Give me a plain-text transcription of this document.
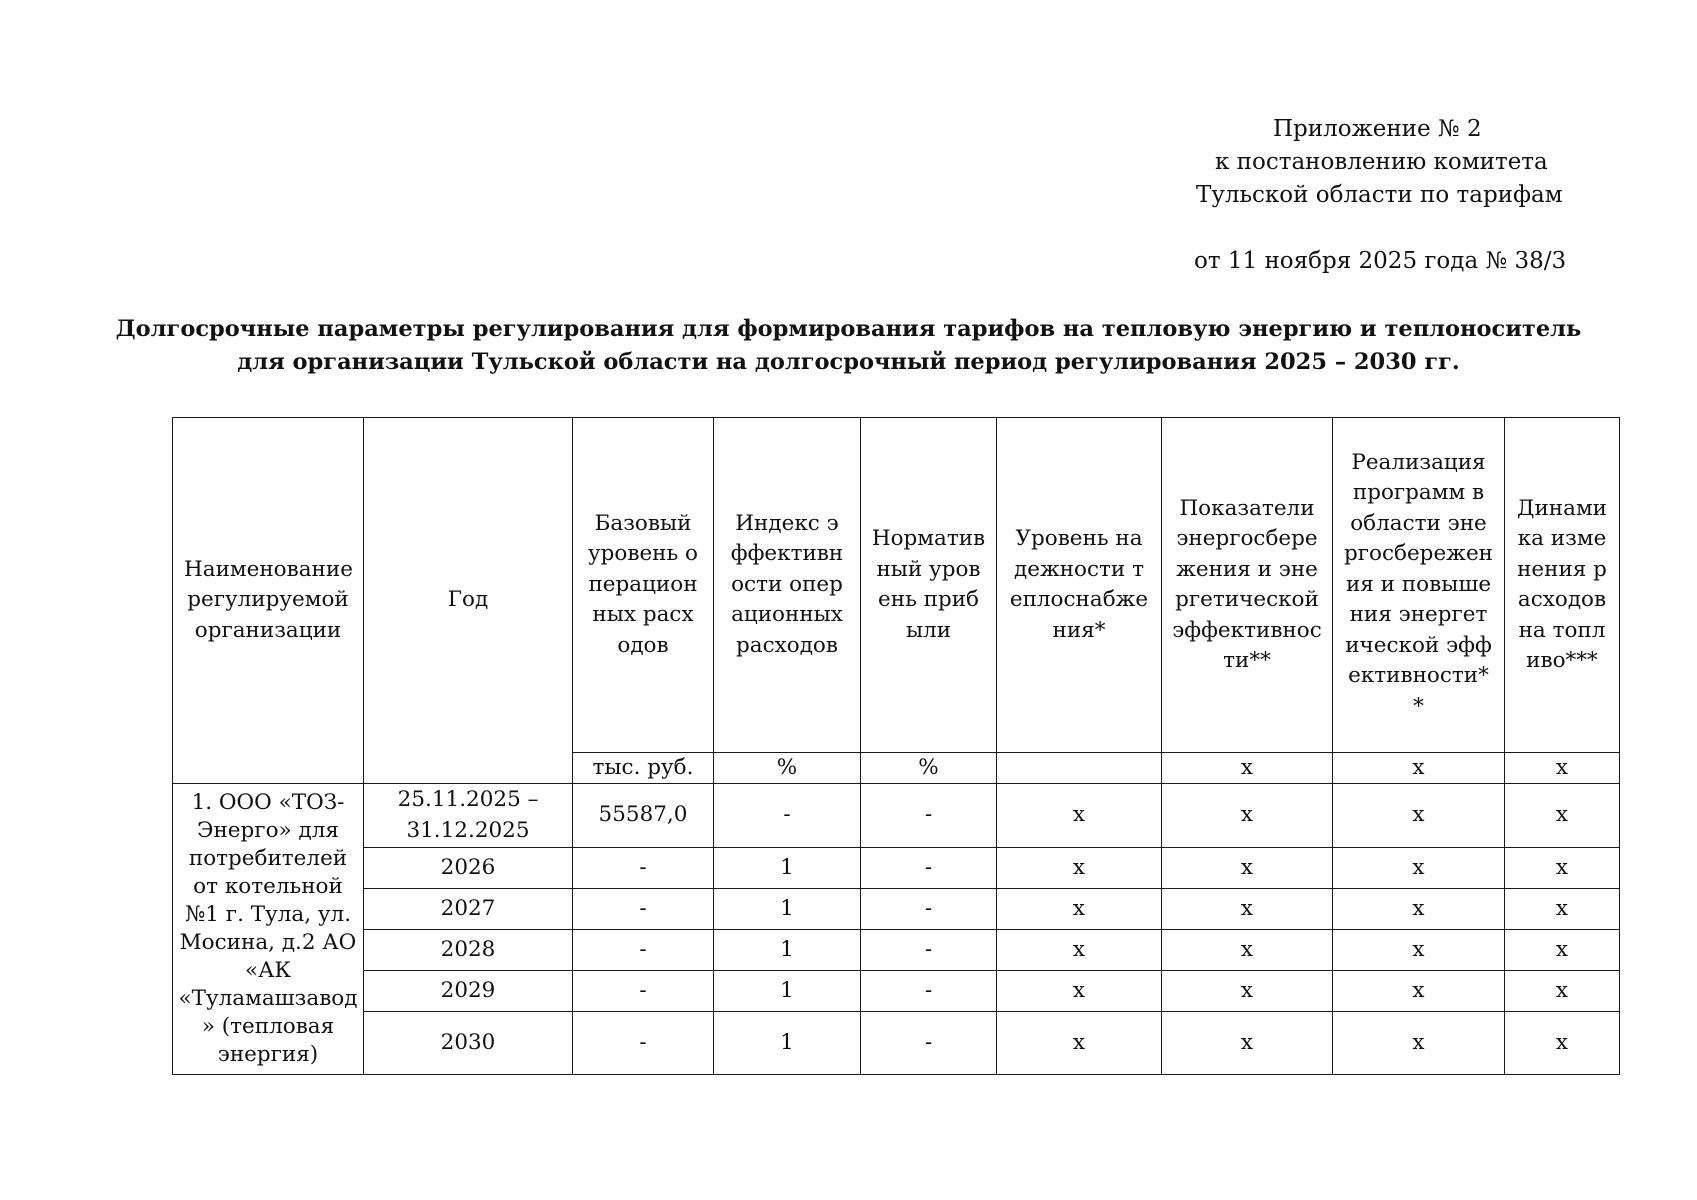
Приложение № 2
к постановлению комитета
Тульской области по тарифам
от 11 ноября 2025 года № 38/3
Долгосрочные параметры регулирования для формирования тарифов на тепловую энергию и теплоноситель
для организации Тульской области на долгосрочный период регулирования 2025 – 2030 гг.
Наименование регулируемой организации	Год	Базовый уровень операционных расходов	Индекс эффективности операционных расходов	Нормативный уровень прибыли	Уровень надежности теплоснабжения*	Показатели энергосбережения и энергетической эффективности**	Реализация программ в области энергосбережения и повышения энергетической эффективности**	Динамика изменения расходов на топливо***

		тыс. руб.	%	%		х	х	х
1. ООО «ТОЗ-Энерго» для потребителей от котельной №1 г. Тула, ул. Мосина, д.2 АО «АК «Туламашзавод» (тепловая энергия)	25.11.2025 – 31.12.2025	55587,0	-	-	х	х	х	х
	2026	-	1	-	х	х	х	х
	2027	-	1	-	х	х	х	х
	2028	-	1	-	х	х	х	х
	2029	-	1	-	х	х	х	х
	2030	-	1	-	х	х	х	х
